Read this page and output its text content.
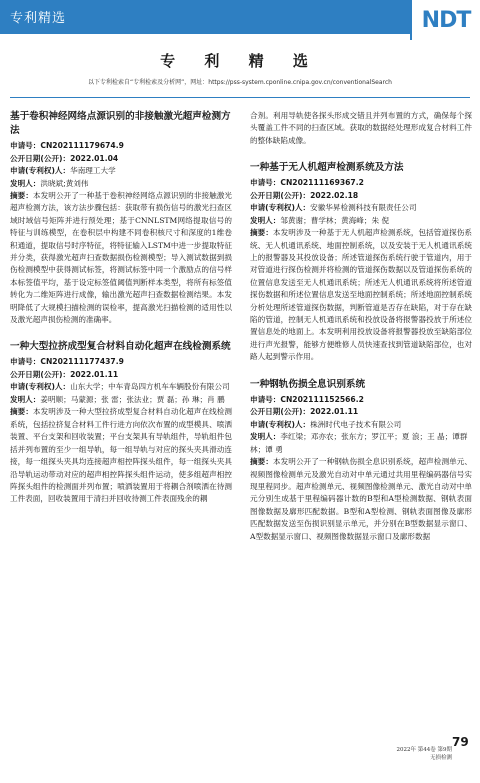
专利精选	NDT
专 利 精 选
以下专利检索自“专利检索及分析网”，网址：https://pss-system.cponline.cnipa.gov.cn/conventionalSearch
基于卷积神经网络点源识别的非接触激光超声检测方法
申请号：CN202111179674.9
公开日期(公开)：2022.01.04
申请(专利权)人：华南理工大学
发明人：洪晓斌;黄刘伟
摘要：本发明公开了一种基于卷积神经网络点源识别的非接触激光超声检测方法，该方法步骤包括：获取带有损伤信号的激光扫查区域时域信号矩阵并进行预处理；基于CNNLSTM网络提取信号的特征与训练模型，在卷积层中构建不同卷积核尺寸和深度的1维卷积通道，提取信号时序特征，将特征输入LSTM中进一步提取特征并分类，获得激光超声扫查数据损伤检测模型；导入测试数据到损伤检测模型中获得测试标签，将测试标签中同一个激励点的信号样本标签值平均，基于设定标签值阈值判断样本类型，将所有标签值转化为二维矩阵进行成像，输出激光超声扫查数据检测结果。本发明降低了大规模扫描检测的误检率，提高激光扫描检测的适用性以及激光超声损伤检测的准确率。
一种大型拉挤成型复合材料自动化超声在线检测系统
申请号：CN202111177437.9
公开日期(公开)：2022.01.11
申请(专利权)人：山东大学；中车青岛四方机车车辆股份有限公司
发明人：姜明顺；马蒙源；张 雷；张法业；贾 磊；孙 琳；肖 鹏
摘要：本发明涉及一种大型拉挤成型复合材料自动化超声在线检测系统，包括拉挤复合材料工件行进方向依次布置的成型模具、喷洒装置、平台支架和回收装置；平台支架具有导轨组件，导轨组件包括并列布置的至少一组导轨，每一组导轨与对应的探头夹具滑动连接，每一组探头夹具均连接超声相控阵探头组件，每一组探头夹具沿导轨运动带动对应的超声相控阵探头组件运动，使多组超声相控阵探头组件的检测面并列布置；喷洒装置用于将耦合剂喷洒在待测工件表面，回收装置用于清扫并回收待测工件表面残余的耦
合剂。利用导轨使各探头形成交错且并列布置的方式，确保每个探头覆盖工件不同的扫查区域。获取的数据经处理形成复合材料工件的整体缺陷成像。
一种基于无人机超声检测系统及方法
申请号：CN202111169367.2
公开日期(公开)：2022.02.18
申请(专利权)人：安徽华昇检测科技有限责任公司
发明人：邹黄谢；曹学林；黄海峰；朱 倪
摘要：本发明涉及一种基于无人机超声检测系统，包括管道探伤系统、无人机通讯系统、地面控制系统，以及安装于无人机通讯系统上的报警器及其投放设备；所述管道探伤系统行驶于管道内，用于对管道进行探伤检测并将检测的管道探伤数据以及管道探伤系统的位置信息发送至无人机通讯系统；所述无人机通讯系统将所述管道探伤数据和所述位置信息发送至地面控制系统；所述地面控制系统分析处理所述管道探伤数据，判断管道是否存在缺陷，对于存在缺陷的管道，控制无人机通讯系统和投放设备将报警器投放于所述位置信息处的地面上。本发明利用投放设备将报警器投放至缺陷部位进行声光报警，能够方便维修人员快速查找到管道缺陷部位，也对路人起到警示作用。
一种钢轨伤损全息识别系统
申请号：CN202111152566.2
公开日期(公开)：2022.01.11
申请(专利权)人：株洲时代电子技术有限公司
发明人：李红梁；邓亦农；张东方；罗江平；夏 浪；王 晶；谭群林；谭 勇
摘要：本发明公开了一种钢轨伤损全息识别系统，超声检测单元、视频图像检测单元及激光自动对中单元通过共用里程编码器信号实现里程同步。超声检测单元、视频图像检测单元、激光自动对中单元分别生成基于里程编码器计数的B型和A型检测数据、钢轨表面图像数据及廓形匹配数据。B型和A型检测、钢轨表面图像及廓形匹配数据发送至伤损识别显示单元，并分别在B型数据显示窗口、A型数据显示窗口、视频图像数据显示窗口及廓形数据
2022年 第44卷 第9期
无损检测
79
